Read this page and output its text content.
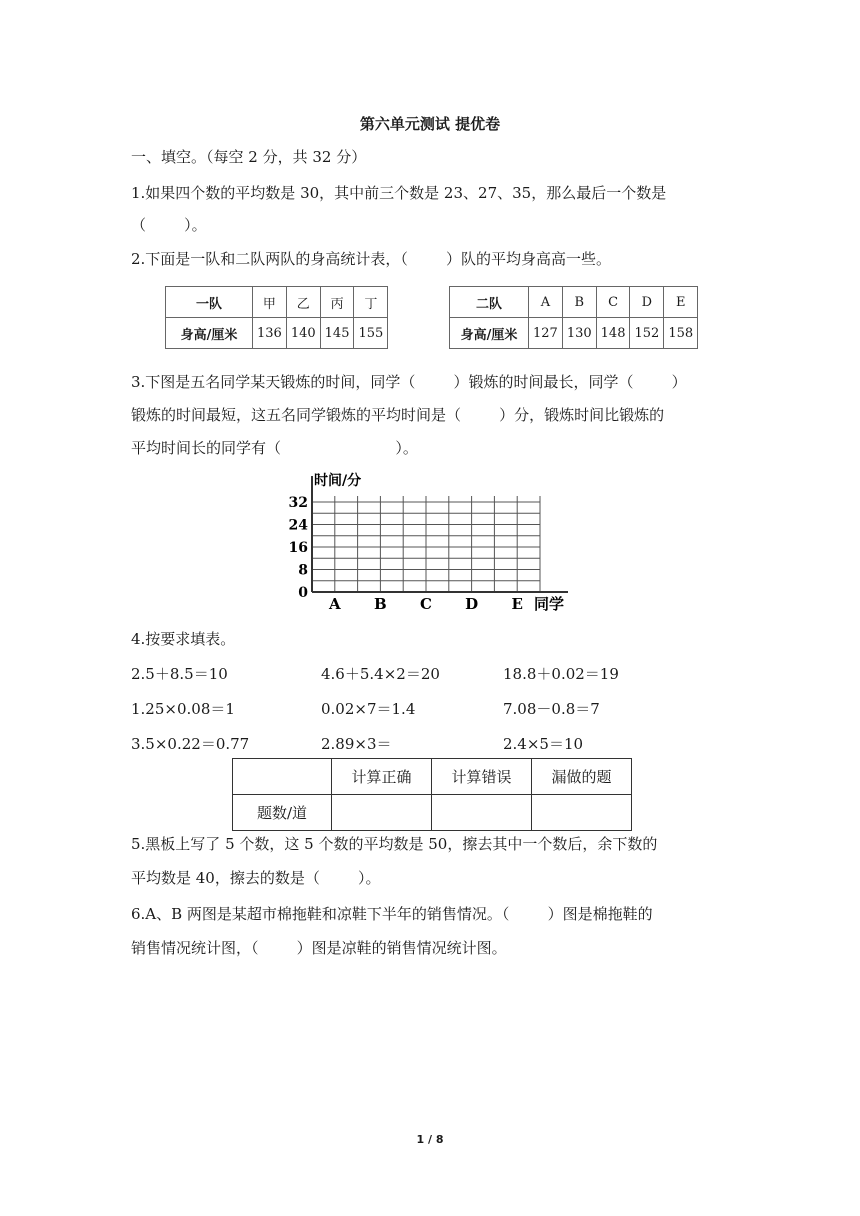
第六单元测试 提优卷
一、填空。（每空 2 分，共 32 分）
1.如果四个数的平均数是 30，其中前三个数是 23、27、35，那么最后一个数是
（        ）。
2.下面是一队和二队两队的身高统计表，（        ）队的平均身高高一些。
一队	甲	乙	丙	丁
身高/厘米	136	140	145	155
二队	A	B	C	D	E
身高/厘米	127	130	148	152	158
3.下图是五名同学某天锻炼的时间，同学（        ）锻炼的时间最长，同学（        ）
锻炼的时间最短，这五名同学锻炼的平均时间是（        ）分，锻炼时间比锻炼的
平均时间长的同学有（                        ）。
时间/分
同学
32
24
16
8
0
A B C D E
4.按要求填表。
2.5＋8.5＝10	4.6＋5.4×2＝20	18.8＋0.02＝19
1.25×0.08＝1	0.02×7＝1.4	7.08－0.8＝7
3.5×0.22＝0.77	2.89×3＝	2.4×5＝10
	计算正确	计算错误	漏做的题
题数/道			
5.黑板上写了 5 个数，这 5 个数的平均数是 50，擦去其中一个数后，余下数的
平均数是 40，擦去的数是（        ）。
6.A、B 两图是某超市棉拖鞋和凉鞋下半年的销售情况。（        ）图是棉拖鞋的
销售情况统计图，（        ）图是凉鞋的销售情况统计图。
1 / 8
